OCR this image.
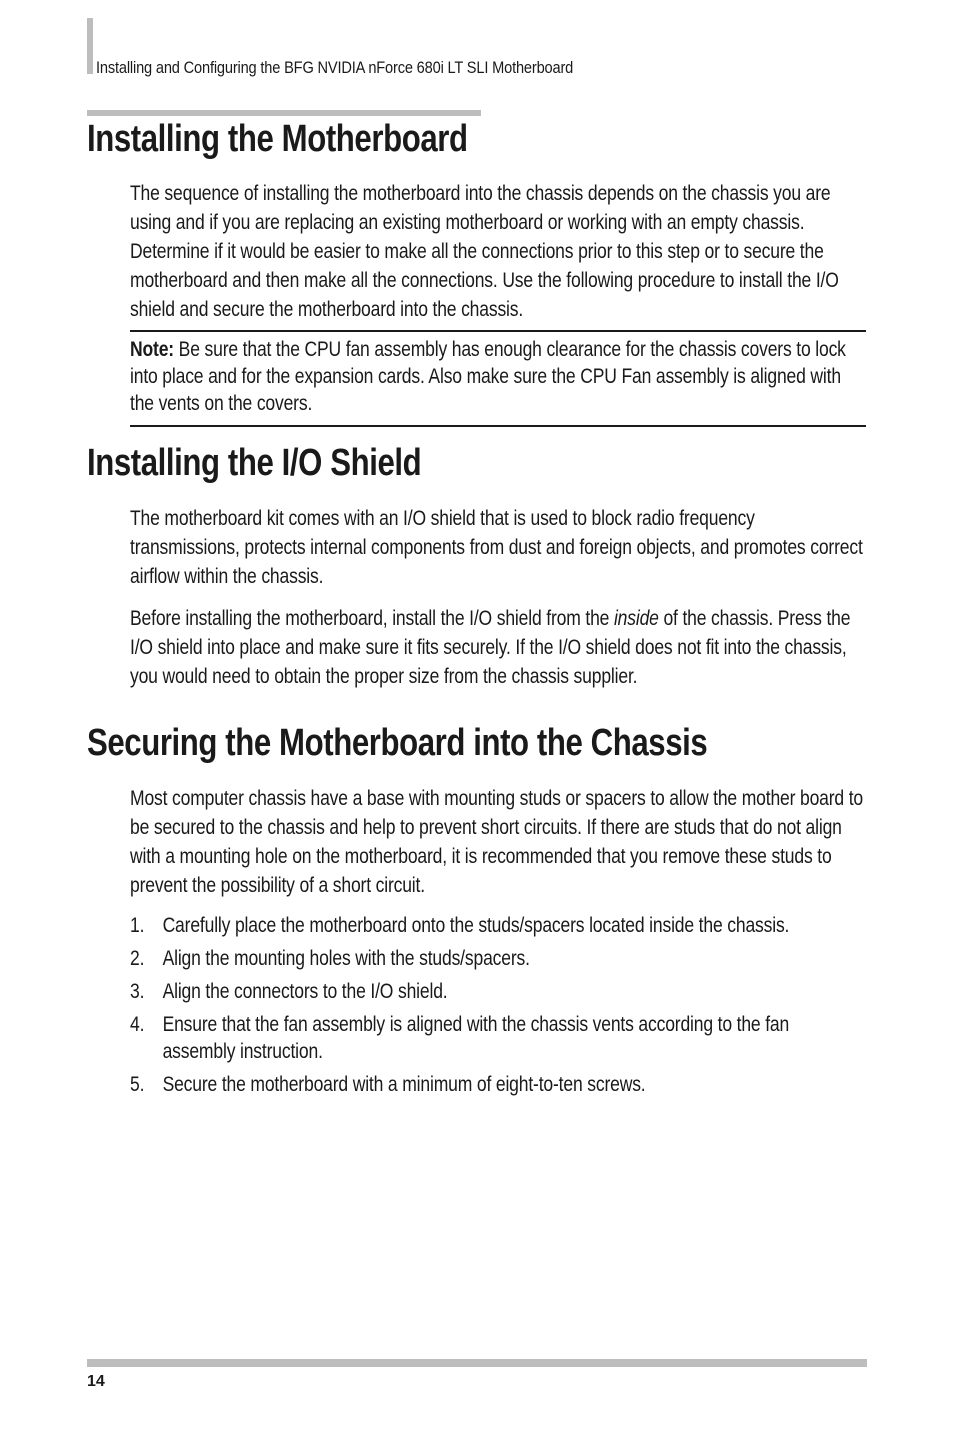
Installing and Configuring the BFG NVIDIA nForce 680i LT SLI Motherboard
Installing the Motherboard

The sequence of installing the motherboard into the chassis depends on the chassis you are using and if you are replacing an existing motherboard or working with an empty chassis. Determine if it would be easier to make all the connections prior to this step or to secure the motherboard and then make all the connections. Use the following procedure to install the I/O shield and secure the motherboard into the chassis.

Note: Be sure that the CPU fan assembly has enough clearance for the chassis covers to lock into place and for the expansion cards. Also make sure the CPU Fan assembly is aligned with the vents on the covers.

Installing the I/O Shield

The motherboard kit comes with an I/O shield that is used to block radio frequency transmissions, protects internal components from dust and foreign objects, and promotes correct airflow within the chassis.

Before installing the motherboard, install the I/O shield from the inside of the chassis. Press the I/O shield into place and make sure it fits securely. If the I/O shield does not fit into the chassis, you would need to obtain the proper size from the chassis supplier.

Securing the Motherboard into the Chassis

Most computer chassis have a base with mounting studs or spacers to allow the mother board to be secured to the chassis and help to prevent short circuits. If there are studs that do not align with a mounting hole on the motherboard, it is recommended that you remove these studs to prevent the possibility of a short circuit.

1. Carefully place the motherboard onto the studs/spacers located inside the chassis.
2. Align the mounting holes with the studs/spacers.
3. Align the connectors to the I/O shield.
4. Ensure that the fan assembly is aligned with the chassis vents according to the fan assembly instruction.
5. Secure the motherboard with a minimum of eight-to-ten screws.
14
